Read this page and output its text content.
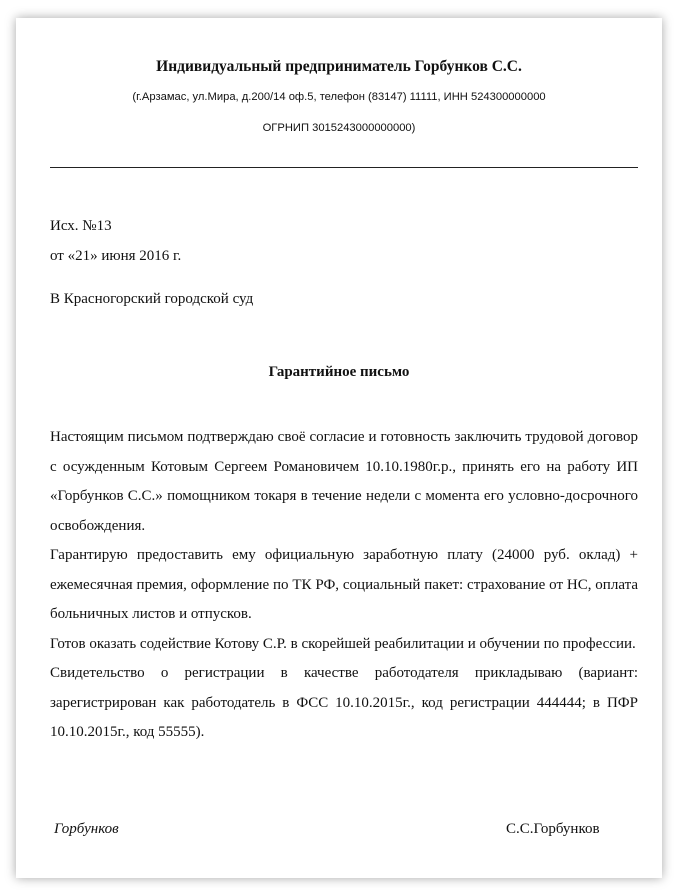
Индивидуальный предприниматель Горбунков С.С.
(г.Арзамас, ул.Мира, д.200/14 оф.5, телефон (83147) 11111, ИНН 524300000000
ОГРНИП 3015243000000000)
Исх. №13
от «21» июня 2016 г.
В Красногорский городской суд
Гарантийное письмо

Настоящим письмом подтверждаю своё согласие и готовность заключить трудовой договор с осужденным Котовым Сергеем Романовичем 10.10.1980г.р., принять его на работу ИП «Горбунков С.С.» помощником токаря в течение недели с момента его условно-досрочного освобождения.

Гарантирую предоставить ему официальную заработную плату (24000 руб. оклад) + ежемесячная премия, оформление по ТК РФ, социальный пакет: страхование от НС, оплата больничных листов и отпусков.

Готов оказать содействие Котову С.Р. в скорейшей реабилитации и обучении по профессии.

Свидетельство о регистрации в качестве работодателя прикладываю (вариант: зарегистрирован как работодатель в ФСС 10.10.2015г., код регистрации 444444; в ПФР 10.10.2015г., код 55555).

Горбунков	С.С.Горбунков
